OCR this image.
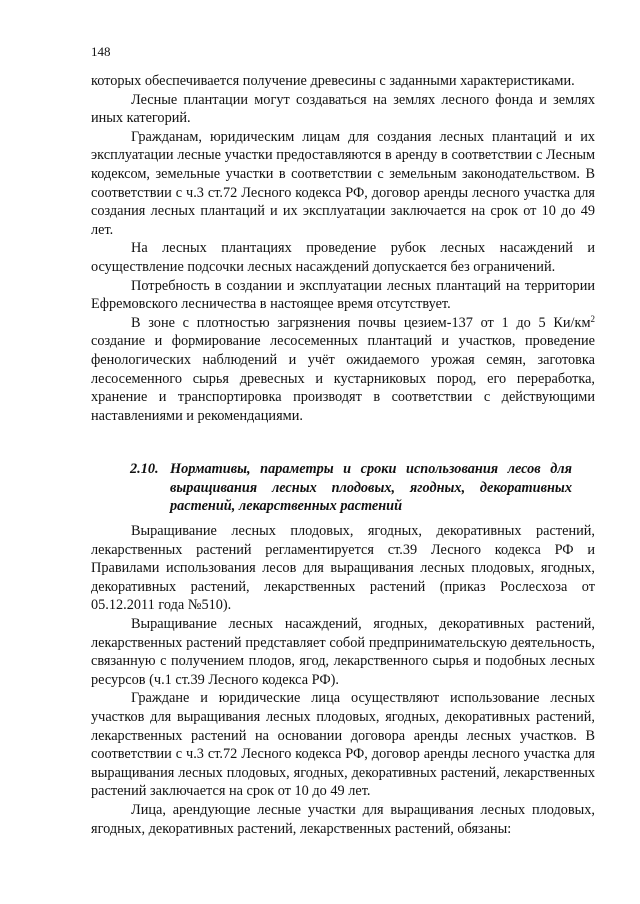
148

которых обеспечивается получение древесины с заданными характеристиками.

Лесные плантации могут создаваться на землях лесного фонда и землях иных категорий.

Гражданам, юридическим лицам для создания лесных плантаций и их эксплуатации лесные участки предоставляются в аренду в соответствии с Лесным кодексом, земельные участки в соответствии с земельным законодательством. В соответствии с ч.3 ст.72 Лесного кодекса РФ, договор аренды лесного участка для создания лесных плантаций и их эксплуатации заключается на срок от 10 до 49 лет.

На лесных плантациях проведение рубок лесных насаждений и осуществление подсочки лесных насаждений допускается без ограничений.

Потребность в создании и эксплуатации лесных плантаций на территории Ефремовского лесничества в настоящее время отсутствует.

В зоне с плотностью загрязнения почвы цезием-137 от 1 до 5 $Ки/км^2$ создание и формирование лесосеменных плантаций и участков, проведение фенологических наблюдений и учёт ожидаемого урожая семян, заготовка лесосеменного сырья древесных и кустарниковых пород, его переработка, хранение и транспортировка производят в соответствии с действующими наставлениями и рекомендациями.

2.10. Нормативы, параметры и сроки использования лесов для
выращивания лесных плодовых, ягодных, декоративных растений, лекарственных растений

Выращивание лесных плодовых, ягодных, декоративных растений, лекарственных растений регламентируется ст.39 Лесного кодекса РФ и Правилами использования лесов для выращивания лесных плодовых, ягодных, декоративных растений, лекарственных растений (приказ Рослесхоза от 05.12.2011 года №510).

Выращивание лесных насаждений, ягодных, декоративных растений, лекарственных растений представляет собой предпринимательскую деятельность, связанную с получением плодов, ягод, лекарственного сырья и подобных лесных ресурсов (ч.1 ст.39 Лесного кодекса РФ).

Граждане и юридические лица осуществляют использование лесных участков для выращивания лесных плодовых, ягодных, декоративных растений, лекарственных растений на основании договора аренды лесных участков. В соответствии с ч.3 ст.72 Лесного кодекса РФ, договор аренды лесного участка для выращивания лесных плодовых, ягодных, декоративных растений, лекарственных растений заключается на срок от 10 до 49 лет.

Лица, арендующие лесные участки для выращивания лесных плодовых, ягодных, декоративных растений, лекарственных растений, обязаны:
